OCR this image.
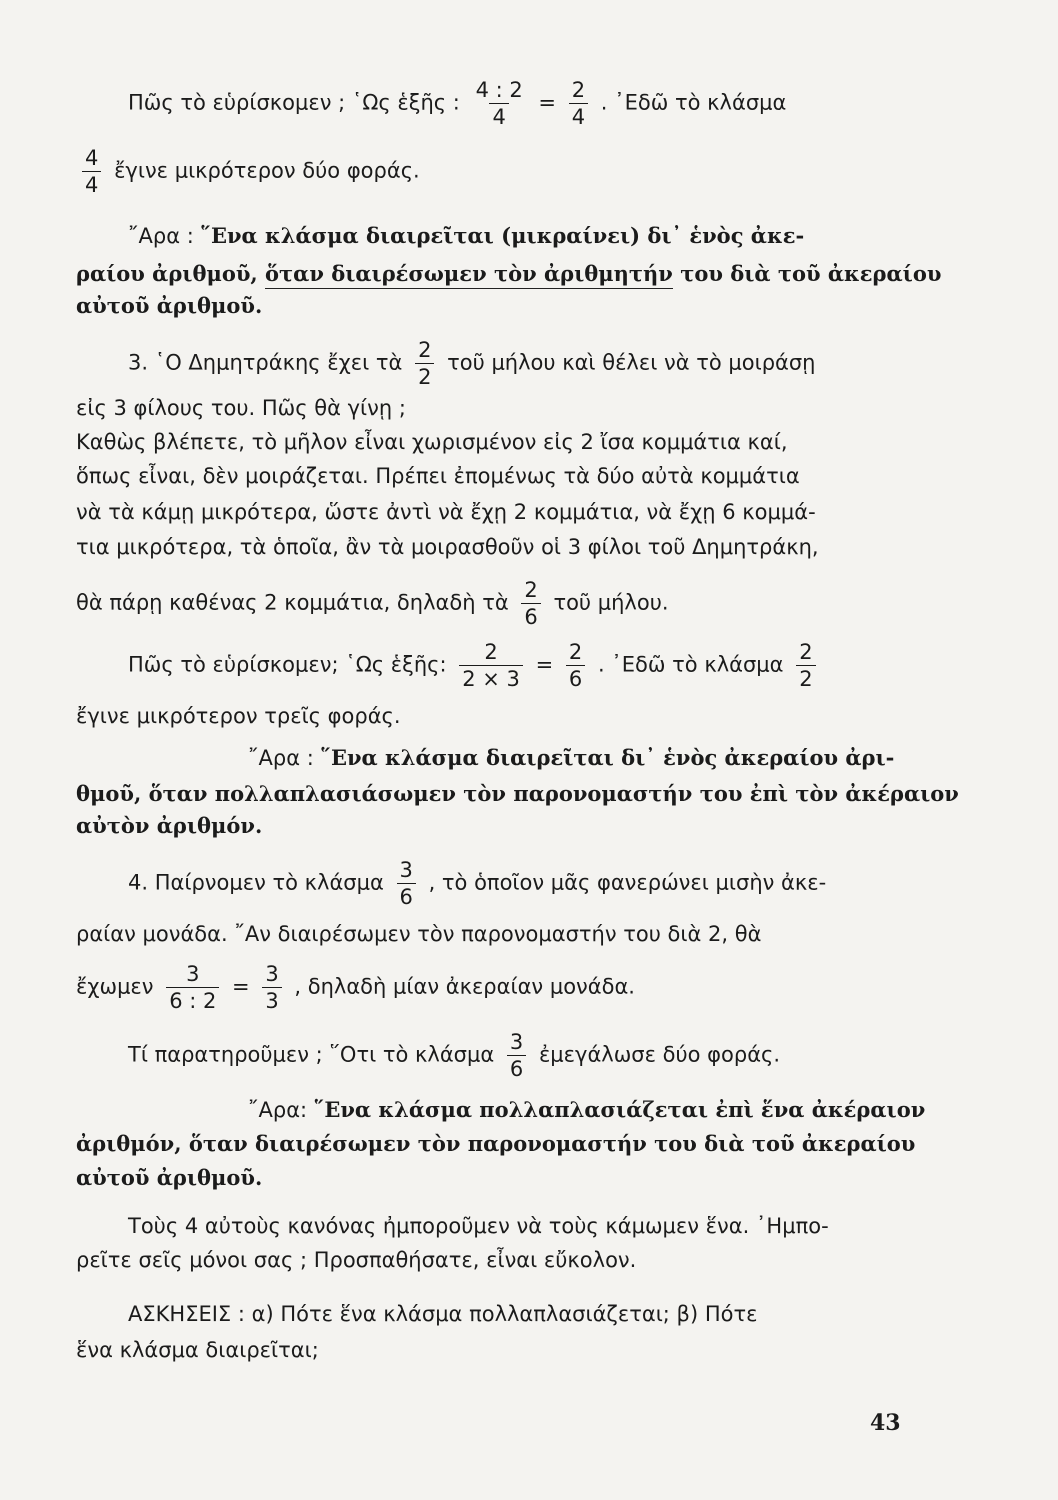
Πῶς τὸ εὑρίσκομεν ; ῾Ως ἑξῆς : $\frac{4 : 2}{4} = \frac{2}{4}$ . ᾿Εδῶ τὸ κλάσμα
$\frac{4}{4}$ ἔγινε μικρότερον δύο φοράς.
῎Αρα : ῞Ενα κλάσμα διαιρεῖται (μικραίνει) δι᾿ ἑνὸς ἀκε-
ραίου ἀριθμοῦ, ὅταν διαιρέσωμεν τὸν ἀριθμητήν του διὰ τοῦ ἀκεραίου
αὐτοῦ ἀριθμοῦ.
3. ῾Ο Δημητράκης ἔχει τὰ $\frac{2}{2}$ τοῦ μήλου καὶ θέλει νὰ τὸ μοιράσῃ
εἰς 3 φίλους του. Πῶς θὰ γίνῃ ;
Καθὼς βλέπετε, τὸ μῆλον εἶναι χωρισμένον εἰς 2 ἴσα κομμάτια καί,
ὅπως εἶναι, δὲν μοιράζεται. Πρέπει ἐπομένως τὰ δύο αὐτὰ κομμάτια
νὰ τὰ κάμῃ μικρότερα, ὥστε ἀντὶ νὰ ἔχῃ 2 κομμάτια, νὰ ἔχῃ 6 κομμά-
τια μικρότερα, τὰ ὁποῖα, ἂν τὰ μοιρασθοῦν οἱ 3 φίλοι τοῦ Δημητράκη,
θὰ πάρῃ καθένας 2 κομμάτια, δηλαδὴ τὰ $\frac{2}{6}$ τοῦ μήλου.
Πῶς τὸ εὑρίσκομεν; ῾Ως ἑξῆς: $\frac{2}{2 \times 3} = \frac{2}{6}$ . ᾿Εδῶ τὸ κλάσμα $\frac{2}{2}$
ἔγινε μικρότερον τρεῖς φοράς.
῎Αρα : ῞Ενα κλάσμα διαιρεῖται δι᾿ ἑνὸς ἀκεραίου ἀρι-
θμοῦ, ὅταν πολλαπλασιάσωμεν τὸν παρονομαστήν του ἐπὶ τὸν ἀκέραιον
αὐτὸν ἀριθμόν.
4. Παίρνομεν τὸ κλάσμα $\frac{3}{6}$ , τὸ ὁποῖον μᾶς φανερώνει μισὴν ἀκε-
ραίαν μονάδα. ῎Αν διαιρέσωμεν τὸν παρονομαστήν του διὰ 2, θὰ
ἔχωμεν $\frac{3}{6 : 2} = \frac{3}{3}$ , δηλαδὴ μίαν ἀκεραίαν μονάδα.
Τί παρατηροῦμεν ; ῞Οτι τὸ κλάσμα $\frac{3}{6}$ ἐμεγάλωσε δύο φοράς.
῎Αρα: ῞Ενα κλάσμα πολλαπλασιάζεται ἐπὶ ἕνα ἀκέραιον
ἀριθμόν, ὅταν διαιρέσωμεν τὸν παρονομαστήν του διὰ τοῦ ἀκεραίου
αὐτοῦ ἀριθμοῦ.
Τοὺς 4 αὐτοὺς κανόνας ἠμποροῦμεν νὰ τοὺς κάμωμεν ἕνα. ᾿Ημπο-
ρεῖτε σεῖς μόνοι σας ; Προσπαθήσατε, εἶναι εὔκολον.
ΑΣΚΗΣΕΙΣ : α) Πότε ἕνα κλάσμα πολλαπλασιάζεται; β) Πότε
ἕνα κλάσμα διαιρεῖται;
43
